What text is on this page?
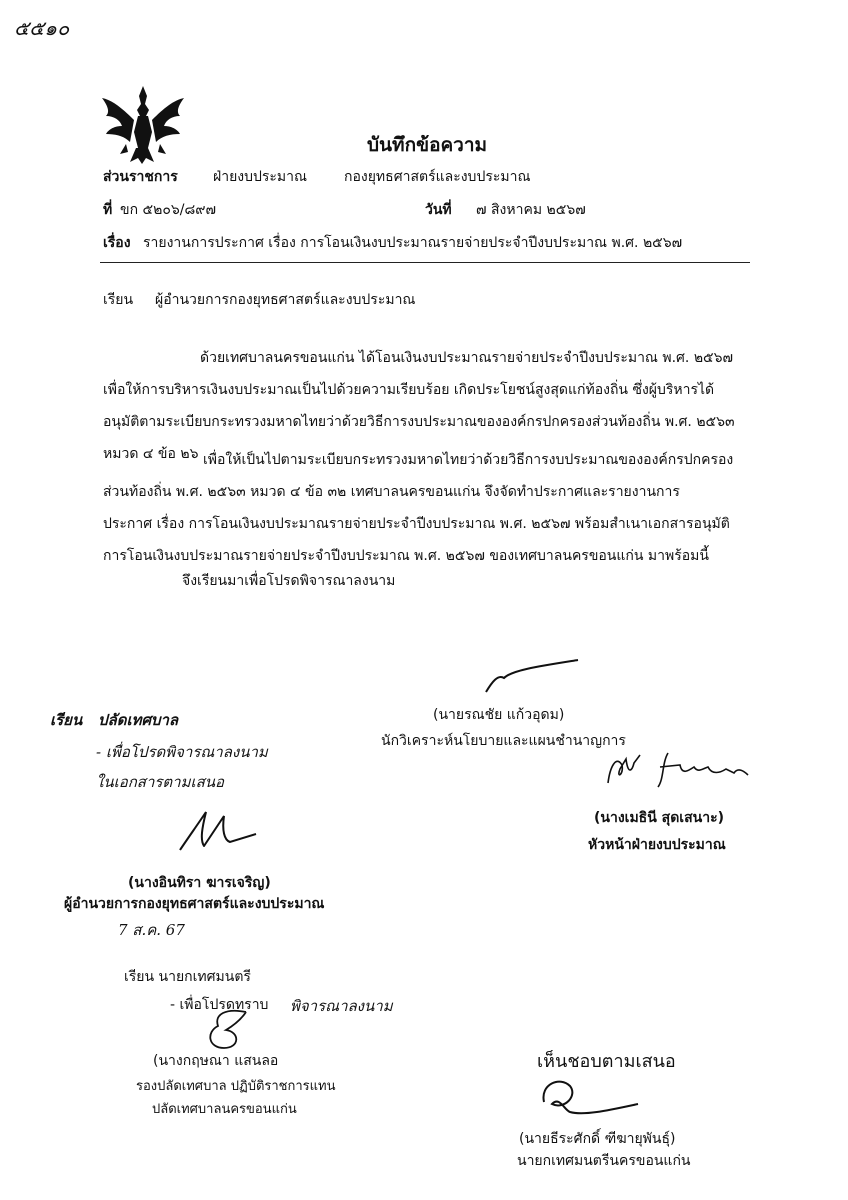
๕๕๑๐
บันทึกข้อความ
ส่วนราชการ	ฝ่ายงบประมาณ	กองยุทธศาสตร์และงบประมาณ
ที่ ขก ๕๒๐๖/๘๙๗	วันที่ ๗ สิงหาคม ๒๕๖๗
เรื่อง รายงานการประกาศ เรื่อง การโอนเงินงบประมาณรายจ่ายประจำปีงบประมาณ พ.ศ. ๒๕๖๗
เรียน ผู้อำนวยการกองยุทธศาสตร์และงบประมาณ
ด้วยเทศบาลนครขอนแก่น ได้โอนเงินงบประมาณรายจ่ายประจำปีงบประมาณ พ.ศ. ๒๕๖๗
เพื่อให้การบริหารเงินงบประมาณเป็นไปด้วยความเรียบร้อย เกิดประโยชน์สูงสุดแก่ท้องถิ่น ซึ่งผู้บริหารได้
อนุมัติตามระเบียบกระทรวงมหาดไทยว่าด้วยวิธีการงบประมาณขององค์กรปกครองส่วนท้องถิ่น พ.ศ. ๒๕๖๓
หมวด ๔ ข้อ ๒๖ เพื่อให้เป็นไปตามระเบียบกระทรวงมหาดไทยว่าด้วยวิธีการงบประมาณขององค์กรปกครอง
ส่วนท้องถิ่น พ.ศ. ๒๕๖๓ หมวด ๔ ข้อ ๓๒ เทศบาลนครขอนแก่น จึงจัดทำประกาศและรายงานการ
ประกาศ เรื่อง การโอนเงินงบประมาณรายจ่ายประจำปีงบประมาณ พ.ศ. ๒๕๖๗ พร้อมสำเนาเอกสารอนุมัติ
การโอนเงินงบประมาณรายจ่ายประจำปีงบประมาณ พ.ศ. ๒๕๖๗ ของเทศบาลนครขอนแก่น มาพร้อมนี้
จึงเรียนมาเพื่อโปรดพิจารณาลงนาม
(นายรณชัย แก้วอุดม)
นักวิเคราะห์นโยบายและแผนชำนาญการ
(นางเมธินี สุดเสนาะ)
หัวหน้าฝ่ายงบประมาณ
เรียน ปลัดเทศบาล
- เพื่อโปรดพิจารณาลงนาม
ในเอกสารตามเสนอ
(นางอินทิรา ฆารเจริญ)
ผู้อำนวยการกองยุทธศาสตร์และงบประมาณ
7 ส.ค. 67
เรียน นายกเทศมนตรี
- เพื่อโปรดทราบ พิจารณาลงนาม
(นางกฤษณา แสนลอ
รองปลัดเทศบาล ปฏิบัติราชการแทน
ปลัดเทศบาลนครขอนแก่น
เห็นชอบตามเสนอ
(นายธีระศักดิ์ ฑีฆายุพันธุ์)
นายกเทศมนตรีนครขอนแก่น
